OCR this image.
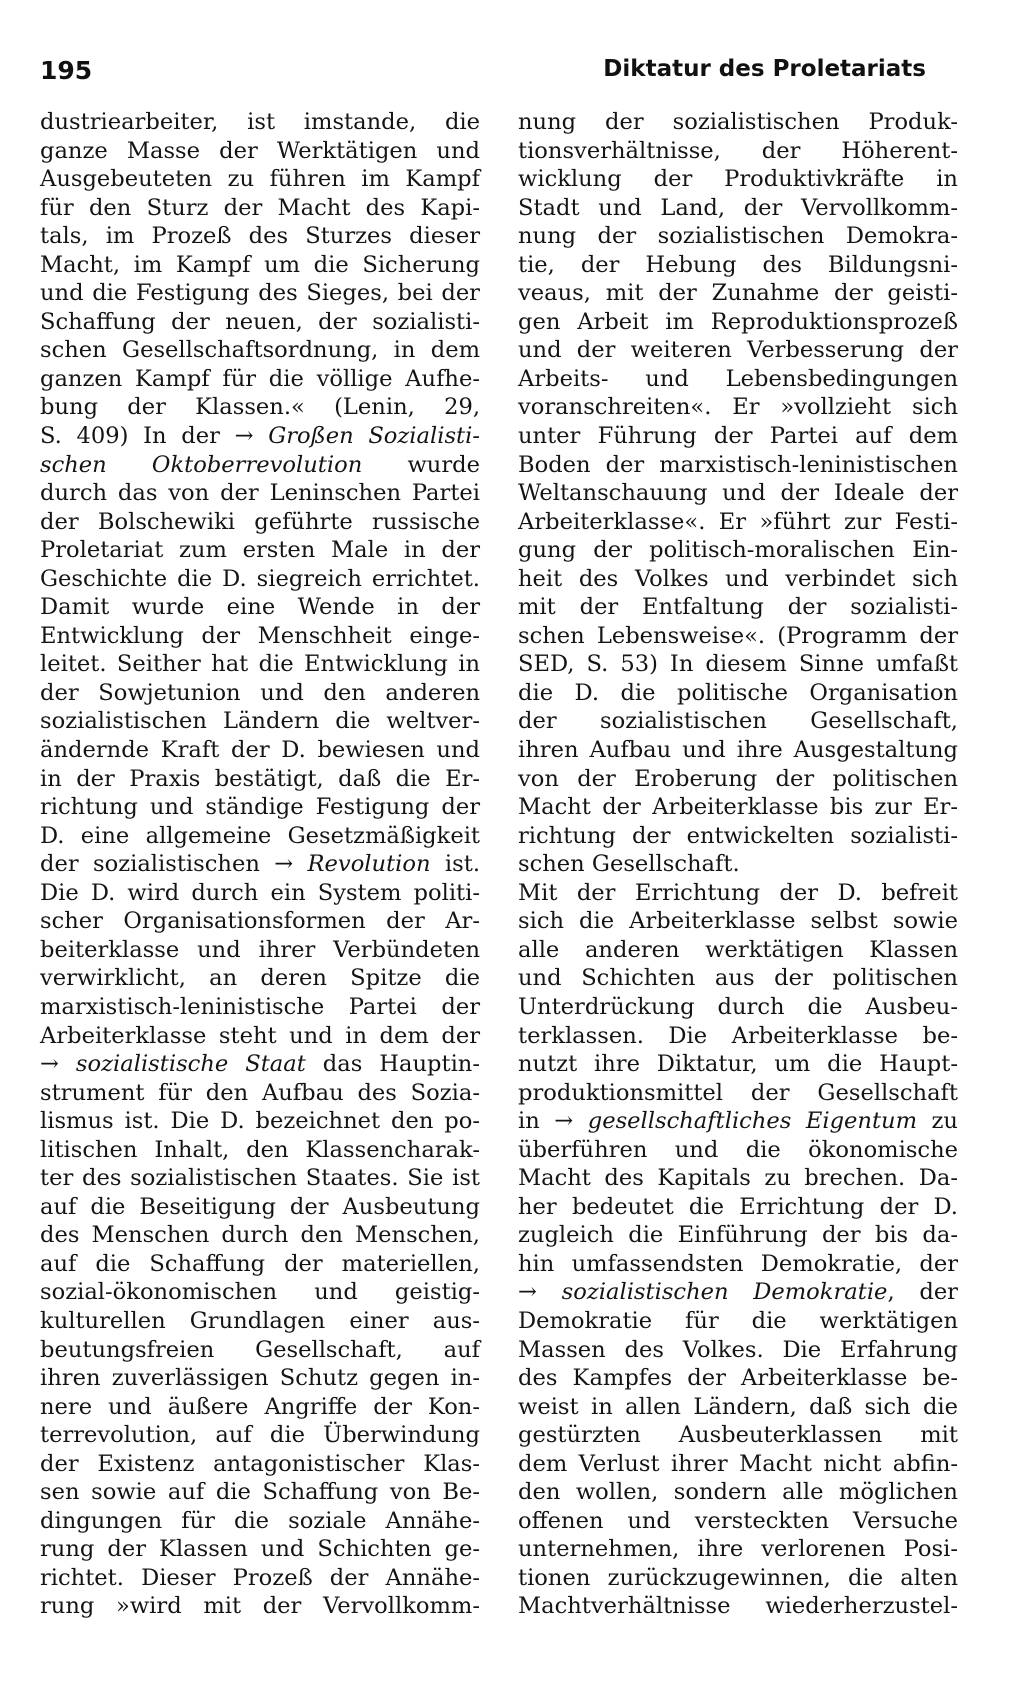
195	Diktatur des Proletariats
dustriearbeiter, ist imstande, die
ganze Masse der Werktätigen und
Ausgebeuteten zu führen im Kampf
für den Sturz der Macht des Kapi-
tals, im Prozeß des Sturzes dieser
Macht, im Kampf um die Sicherung
und die Festigung des Sieges, bei der
Schaffung der neuen, der sozialisti-
schen Gesellschaftsordnung, in dem
ganzen Kampf für die völlige Aufhe-
bung der Klassen.« (Lenin, 29,
S. 409) In der → Großen Sozialisti-
schen Oktoberrevolution wurde
durch das von der Leninschen Partei
der Bolschewiki geführte russische
Proletariat zum ersten Male in der
Geschichte die D. siegreich errichtet.
Damit wurde eine Wende in der
Entwicklung der Menschheit einge-
leitet. Seither hat die Entwicklung in
der Sowjetunion und den anderen
sozialistischen Ländern die weltver-
ändernde Kraft der D. bewiesen und
in der Praxis bestätigt, daß die Er-
richtung und ständige Festigung der
D. eine allgemeine Gesetzmäßigkeit
der sozialistischen → Revolution ist.
Die D. wird durch ein System politi-
scher Organisationsformen der Ar-
beiterklasse und ihrer Verbündeten
verwirklicht, an deren Spitze die
marxistisch-leninistische Partei der
Arbeiterklasse steht und in dem der
→ sozialistische Staat das Hauptin-
strument für den Aufbau des Sozia-
lismus ist. Die D. bezeichnet den po-
litischen Inhalt, den Klassencharak-
ter des sozialistischen Staates. Sie ist
auf die Beseitigung der Ausbeutung
des Menschen durch den Menschen,
auf die Schaffung der materiellen,
sozial-ökonomischen und geistig-
kulturellen Grundlagen einer aus-
beutungsfreien Gesellschaft, auf
ihren zuverlässigen Schutz gegen in-
nere und äußere Angriffe der Kon-
terrevolution, auf die Überwindung
der Existenz antagonistischer Klas-
sen sowie auf die Schaffung von Be-
dingungen für die soziale Annähe-
rung der Klassen und Schichten ge-
richtet. Dieser Prozeß der Annähe-
rung »wird mit der Vervollkomm-
nung der sozialistischen Produk-
tionsverhältnisse, der Höherent-
wicklung der Produktivkräfte in
Stadt und Land, der Vervollkomm-
nung der sozialistischen Demokra-
tie, der Hebung des Bildungsni-
veaus, mit der Zunahme der geisti-
gen Arbeit im Reproduktionsprozeß
und der weiteren Verbesserung der
Arbeits- und Lebensbedingungen
voranschreiten«. Er »vollzieht sich
unter Führung der Partei auf dem
Boden der marxistisch-leninistischen
Weltanschauung und der Ideale der
Arbeiterklasse«. Er »führt zur Festi-
gung der politisch-moralischen Ein-
heit des Volkes und verbindet sich
mit der Entfaltung der sozialisti-
schen Lebensweise«. (Programm der
SED, S. 53) In diesem Sinne umfaßt
die D. die politische Organisation
der sozialistischen Gesellschaft,
ihren Aufbau und ihre Ausgestaltung
von der Eroberung der politischen
Macht der Arbeiterklasse bis zur Er-
richtung der entwickelten sozialisti-
schen Gesellschaft.
Mit der Errichtung der D. befreit
sich die Arbeiterklasse selbst sowie
alle anderen werktätigen Klassen
und Schichten aus der politischen
Unterdrückung durch die Ausbeu-
terklassen. Die Arbeiterklasse be-
nutzt ihre Diktatur, um die Haupt-
produktionsmittel der Gesellschaft
in → gesellschaftliches Eigentum zu
überführen und die ökonomische
Macht des Kapitals zu brechen. Da-
her bedeutet die Errichtung der D.
zugleich die Einführung der bis da-
hin umfassendsten Demokratie, der
→ sozialistischen Demokratie, der
Demokratie für die werktätigen
Massen des Volkes. Die Erfahrung
des Kampfes der Arbeiterklasse be-
weist in allen Ländern, daß sich die
gestürzten Ausbeuterklassen mit
dem Verlust ihrer Macht nicht abfin-
den wollen, sondern alle möglichen
offenen und versteckten Versuche
unternehmen, ihre verlorenen Posi-
tionen zurückzugewinnen, die alten
Machtverhältnisse wiederherzustel-
